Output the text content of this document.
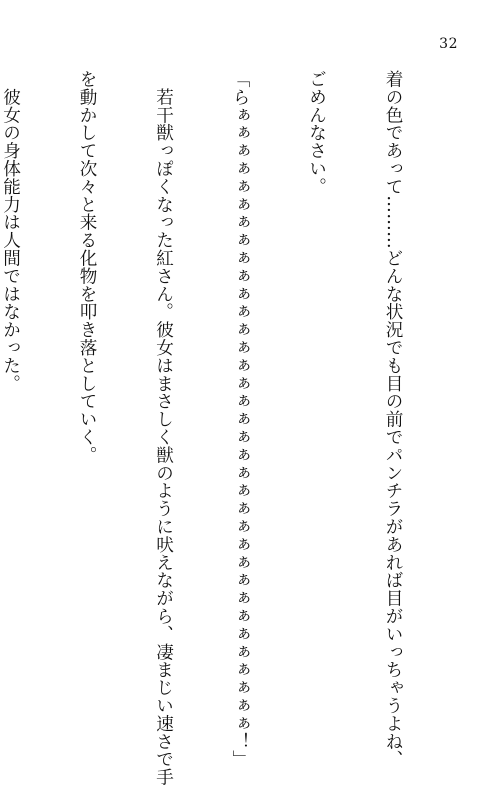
32

着の色であって………どんな状況でも目の前でパンチラがあれば目がいっちゃうよね、

ごめんなさい。

「らぁぁぁぁぁぁぁぁぁぁぁぁぁぁぁぁぁぁぁぁぁぁぁぁぁぁぁぁぁぁぁぁぁぁぁ！」

　若干獣っぽくなった紅さん。彼女はまさしく獣のように吠えながら、凄まじい速さで手

を動かして次々と来る化物を叩き落としていく。

　彼女の身体能力は人間ではなかった。
